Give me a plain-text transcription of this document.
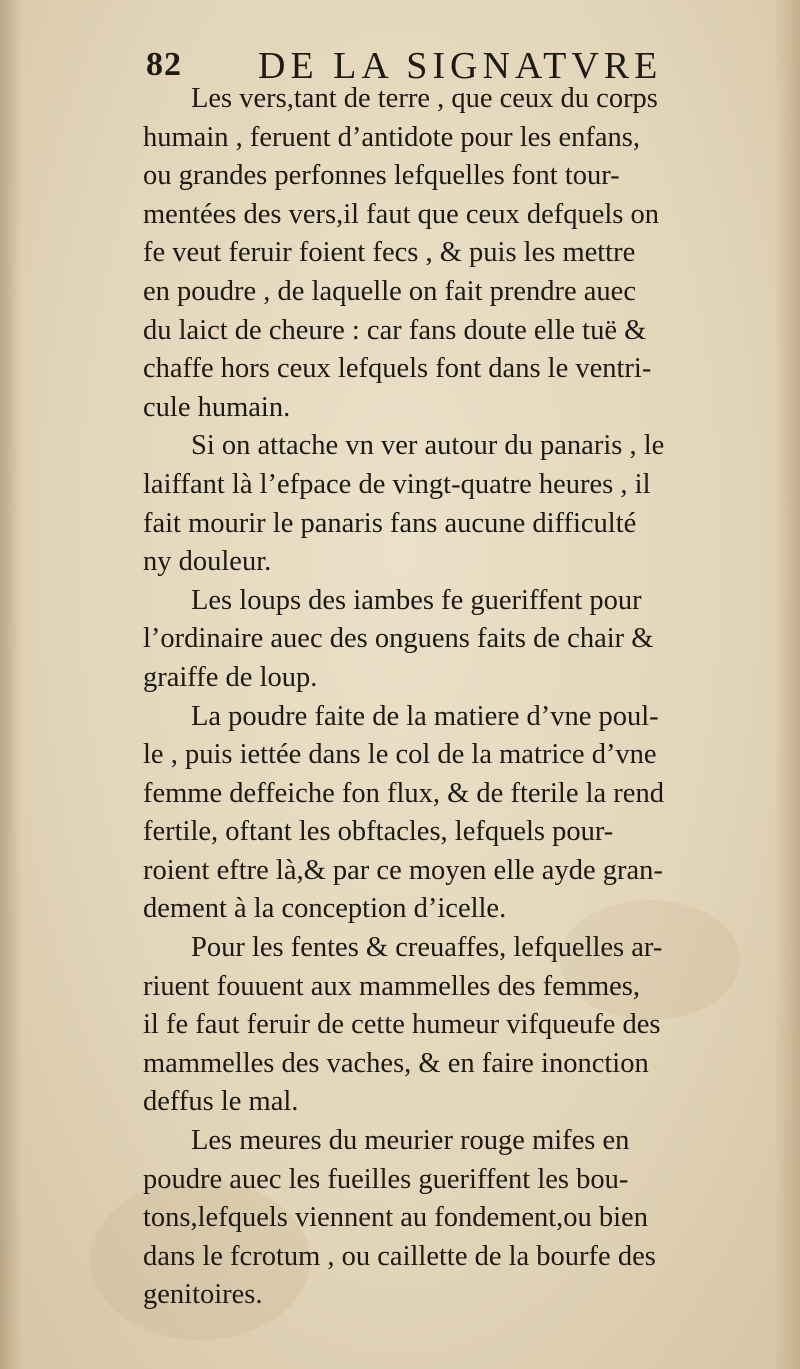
82 DE LA SIGNATVRE
Les vers,tant de terre , que ceux du corps
humain , feruent d’antidote pour les enfans,
ou grandes perfonnes lefquelles font tour-
mentées des vers,il faut que ceux defquels on
fe veut feruir foient fecs , & puis les mettre
en poudre , de laquelle on fait prendre auec
du laict de cheure : car fans doute elle tuë &
chaffe hors ceux lefquels font dans le ventri-
cule humain.
Si on attache vn ver autour du panaris , le
laiffant là l’efpace de vingt-quatre heures , il
fait mourir le panaris fans aucune difficulté
ny douleur.
Les loups des iambes fe gueriffent pour
l’ordinaire auec des onguens faits de chair &
graiffe de loup.
La poudre faite de la matiere d’vne poul-
le , puis iettée dans le col de la matrice d’vne
femme deffeiche fon flux, & de fterile la rend
fertile, oftant les obftacles, lefquels pour-
roient eftre là,& par ce moyen elle ayde gran-
dement à la conception d’icelle.
Pour les fentes & creuaffes, lefquelles ar-
riuent fouuent aux mammelles des femmes,
il fe faut feruir de cette humeur vifqueufe des
mammelles des vaches, & en faire inonction
deffus le mal.
Les meures du meurier rouge mifes en
poudre auec les fueilles gueriffent les bou-
tons,lefquels viennent au fondement,ou bien
dans le fcrotum , ou caillette de la bourfe des
genitoires.
